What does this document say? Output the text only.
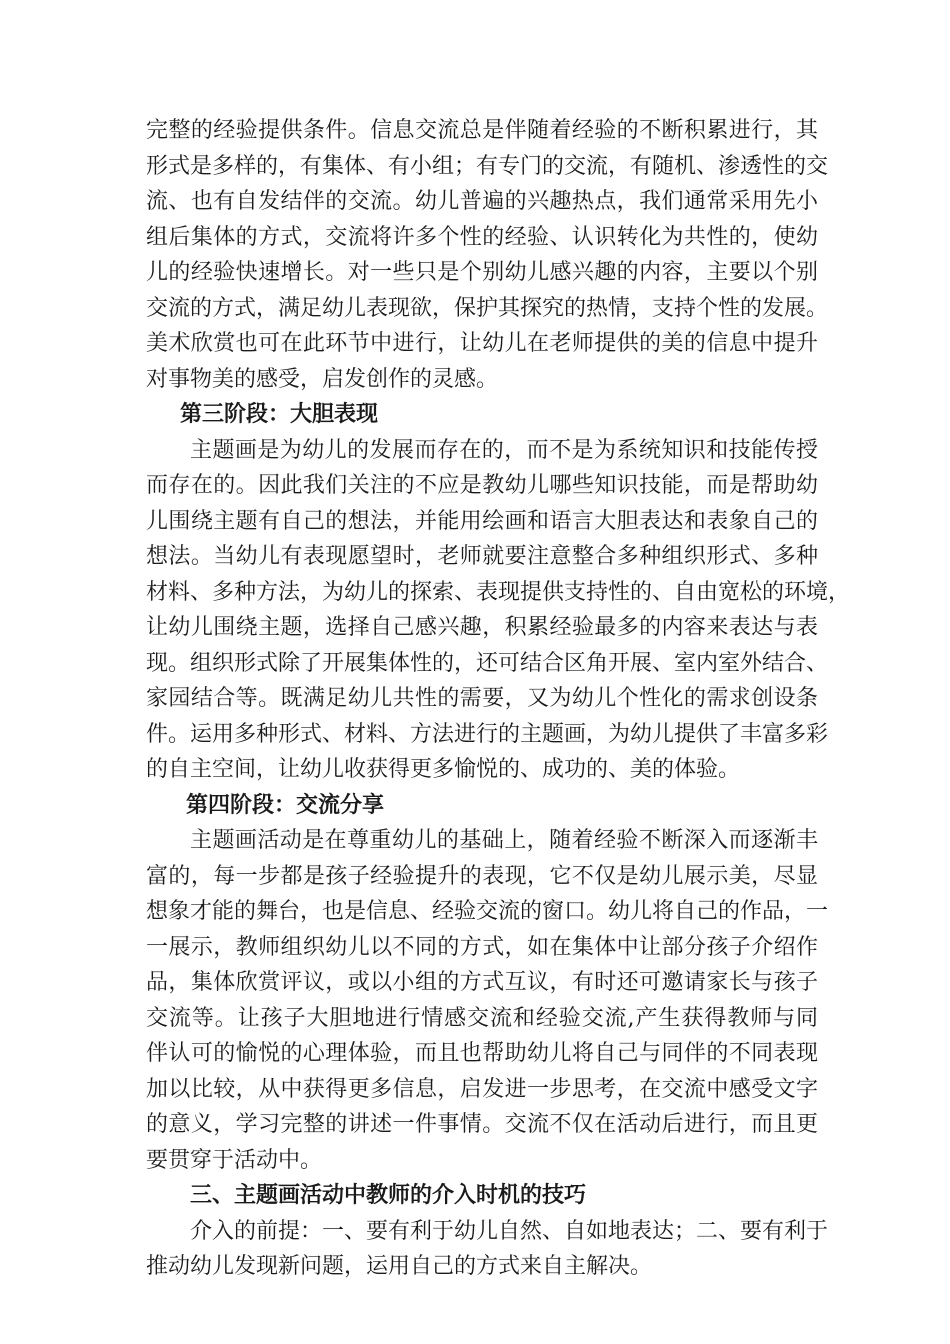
完整的经验提供条件。信息交流总是伴随着经验的不断积累进行，其
形式是多样的，有集体、有小组；有专门的交流，有随机、渗透性的交
流、也有自发结伴的交流。幼儿普遍的兴趣热点，我们通常采用先小
组后集体的方式，交流将许多个性的经验、认识转化为共性的，使幼
儿的经验快速增长。对一些只是个别幼儿感兴趣的内容，主要以个别
交流的方式，满足幼儿表现欲，保护其探究的热情，支持个性的发展。
美术欣赏也可在此环节中进行，让幼儿在老师提供的美的信息中提升
对事物美的感受，启发创作的灵感。
第三阶段：大胆表现
主题画是为幼儿的发展而存在的，而不是为系统知识和技能传授
而存在的。因此我们关注的不应是教幼儿哪些知识技能，而是帮助幼
儿围绕主题有自己的想法，并能用绘画和语言大胆表达和表象自己的
想法。当幼儿有表现愿望时，老师就要注意整合多种组织形式、多种
材料、多种方法，为幼儿的探索、表现提供支持性的、自由宽松的环境，
让幼儿围绕主题，选择自己感兴趣，积累经验最多的内容来表达与表
现。组织形式除了开展集体性的，还可结合区角开展、室内室外结合、
家园结合等。既满足幼儿共性的需要，又为幼儿个性化的需求创设条
件。运用多种形式、材料、方法进行的主题画，为幼儿提供了丰富多彩
的自主空间，让幼儿收获得更多愉悦的、成功的、美的体验。
第四阶段：交流分享
主题画活动是在尊重幼儿的基础上，随着经验不断深入而逐渐丰
富的，每一步都是孩子经验提升的表现，它不仅是幼儿展示美，尽显
想象才能的舞台，也是信息、经验交流的窗口。幼儿将自己的作品，一
一展示，教师组织幼儿以不同的方式，如在集体中让部分孩子介绍作
品，集体欣赏评议，或以小组的方式互议，有时还可邀请家长与孩子
交流等。让孩子大胆地进行情感交流和经验交流,产生获得教师与同
伴认可的愉悦的心理体验，而且也帮助幼儿将自己与同伴的不同表现
加以比较，从中获得更多信息，启发进一步思考，在交流中感受文字
的意义，学习完整的讲述一件事情。交流不仅在活动后进行，而且更
要贯穿于活动中。
三、主题画活动中教师的介入时机的技巧
介入的前提：一、要有利于幼儿自然、自如地表达；二、要有利于
推动幼儿发现新问题，运用自己的方式来自主解决。
